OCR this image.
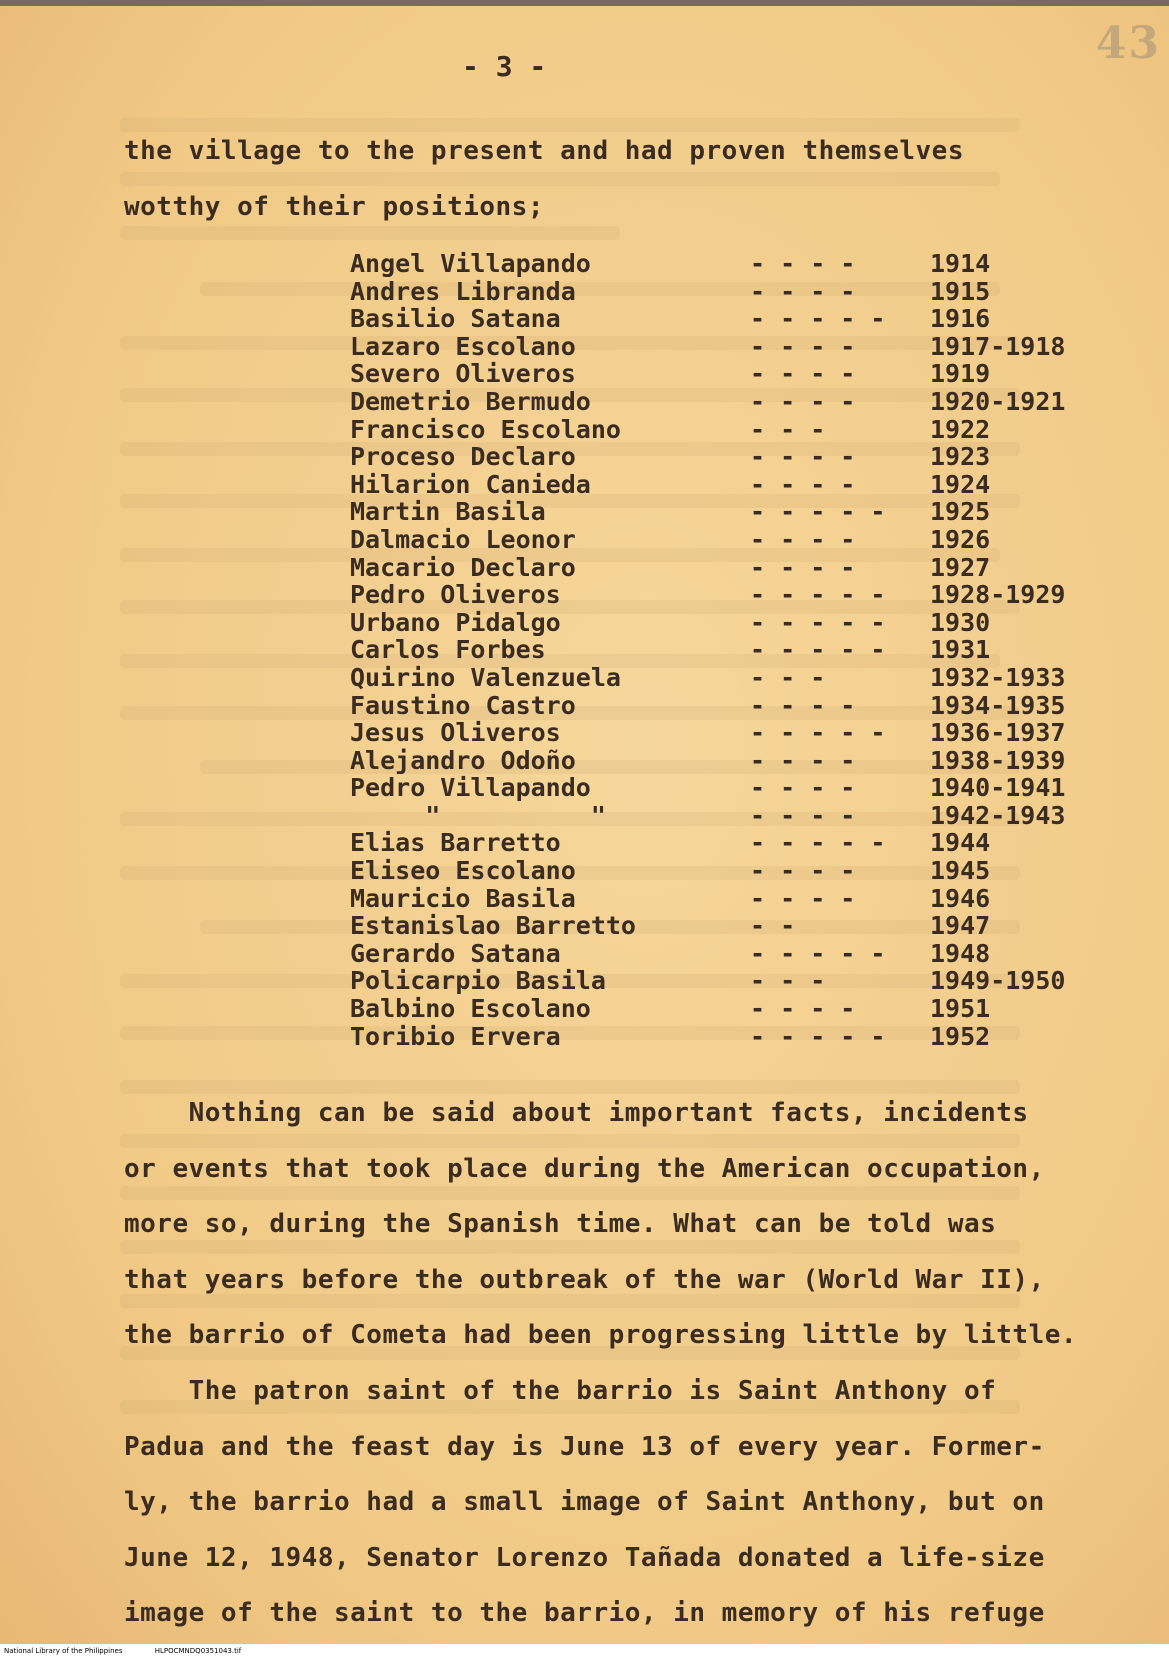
43
- 3 -
the village to the present and had proven themselves
wotthy of their positions;
Angel Villapando	- - - -	1914
Andres Libranda	- - - -	1915
Basilio Satana	- - - - -	1916
Lazaro Escolano	- - - -	1917-1918
Severo Oliveros	- - - -	1919
Demetrio Bermudo	- - - -	1920-1921
Francisco Escolano	- - -	1922
Proceso Declaro	- - - -	1923
Hilarion Canieda	- - - -	1924
Martin Basila	- - - - -	1925
Dalmacio Leonor	- - - -	1926
Macario Declaro	- - - -	1927
Pedro Oliveros	- - - - -	1928-1929
Urbano Pidalgo	- - - - -	1930
Carlos Forbes	- - - - -	1931
Quirino Valenzuela	- - -	1932-1933
Faustino Castro	- - - -	1934-1935
Jesus Oliveros	- - - - -	1936-1937
Alejandro Odoño	- - - -	1938-1939
Pedro Villapando	- - - -	1940-1941
"          "	- - - -	1942-1943
Elias Barretto	- - - - -	1944
Eliseo Escolano	- - - -	1945
Mauricio Basila	- - - -	1946
Estanislao Barretto	- -	1947
Gerardo Satana	- - - - -	1948
Policarpio Basila	- - -	1949-1950
Balbino Escolano	- - - -	1951
Toribio Ervera	- - - - -	1952
Nothing can be said about important facts, incidents
or events that took place during the American occupation,
more so, during the Spanish time. What can be told was
that years before the outbreak of the war (World War II),
the barrio of Cometa had been progressing little by little.
The patron saint of the barrio is Saint Anthony of
Padua and the feast day is June 13 of every year. Former-
ly, the barrio had a small image of Saint Anthony, but on
June 12, 1948, Senator Lorenzo Tañada donated a life-size
image of the saint to the barrio, in memory of his refuge
National Library of the Philippines	HLPOCMNDQ0351043.tif
